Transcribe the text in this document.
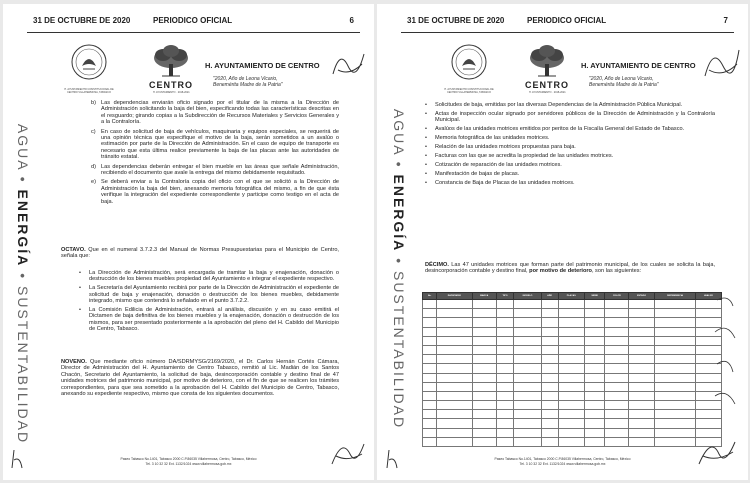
31 DE OCTUBRE DE 2020	PERIODICO OFICIAL	6
H. AYUNTAMIENTO CONSTITUCIONAL DE CENTRO VILLAHERMOSA, TABASCO
CENTRO
H. AYUNTAMIENTO · 2018-2021
H. AYUNTAMIENTO DE CENTRO
"2020, Año de Leona Vicario,
Benemérita Madre de la Patria"
AGUA • ENERGÍA • SUSTENTABILIDAD
b) Las dependencias enviarán oficio signado por el titular de la misma a la Dirección de Administración solicitando la baja del bien, especificando todas las características descritas en el resguardo; girando copias a la Subdirección de Recursos Materiales y Servicios Generales y a la Contraloría.
c) En caso de solicitud de baja de vehículos, maquinaria y equipos especiales, se requerirá de una opinión técnica que especifique el motivo de la baja, serán sometidos a un avalúo o estimación por parte de la Dirección de Administración. En el caso de equipo de transporte es necesario que esta última realice previamente la baja de las placas ante las autoridades de tránsito estatal.
d) Las dependencias deberán entregar el bien mueble en las áreas que señale Administración, recibiendo el documento que avale la entrega del mismo debidamente requisitado.
e) Se deberá enviar a la Contraloría copia del oficio con el que se solicitó a la Dirección de Administración la baja del bien, anexando memoria fotográfica del mismo, a fin de que ésta verifique la integración del expediente correspondiente y participe como testigo en el acta de baja.

OCTAVO. Que en el numeral 3.7.2.3 del Manual de Normas Presupuestarias para el Municipio de Centro, señala que:

•	La Dirección de Administración, será encargada de tramitar la baja y enajenación, donación o destrucción de los bienes muebles propiedad del Ayuntamiento e integrar el expediente respectivo.
•	La Secretaría del Ayuntamiento recibirá por parte de la Dirección de Administración el expediente de solicitud de baja y enajenación, donación o destrucción de los bienes muebles, debidamente integrado, mismo que contendrá lo señalado en el punto 3.7.2.2.
•	La Comisión Edilicia de Administración, entrará al análisis, discusión y en su caso emitirá el Dictamen de baja definitiva de los bienes muebles y la enajenación, donación o destrucción de los mismos, para ser presentado posteriormente a la aprobación del pleno del H. Cabildo del Municipio de Centro, Tabasco.

NOVENO. Que mediante oficio número DA/SDRMYSG/2169/2020, el Dr. Carlos Hernán Cortés Cámara, Director de Administración del H. Ayuntamiento de Centro Tabasco, remitió al Lic. Madián de los Santos Chacón, Secretario del Ayuntamiento, la solicitud de baja, desincorporación contable y destino final de 47 unidades motrices del patrimonio municipal, por motivo de deterioro, con el fin de que se realicen los trámites correspondientes, para que sea sometido a la aprobación del H. Cabildo del Municipio de Centro, Tabasco, anexando su expediente respectivo, mismo que consta de los siguientes documentos.

Paseo Tabasco No.1401, Tabasco 2000 C.P.86035 Villahermosa, Centro, Tabasco, México
Tel. 3 10 32 32 Ext. 1132/1024 www.villahermosa.gob.mx
31 DE OCTUBRE DE 2020	PERIODICO OFICIAL	7
H. AYUNTAMIENTO CONSTITUCIONAL DE CENTRO VILLAHERMOSA, TABASCO
CENTRO
H. AYUNTAMIENTO · 2018-2021
H. AYUNTAMIENTO DE CENTRO
"2020, Año de Leona Vicario,
Benemérita Madre de la Patria"
AGUA • ENERGÍA • SUSTENTABILIDAD
•	Solicitudes de baja, emitidas por las diversas Dependencias de la Administración Pública Municipal.
•	Actas de inspección ocular signado por servidores públicos de la Dirección de Administración y la Contraloría Municipal.
•	Avalúos de las unidades motrices emitidos por peritos de la Fiscalía General del Estado de Tabasco.
•	Memoria fotográfica de las unidades motrices.
•	Relación de las unidades motrices propuestas para baja.
•	Facturas con las que se acredita la propiedad de las unidades motrices.
•	Cotización de reparación de las unidades motrices.
•	Manifestación de bajas de placas.
•	Constancia de Baja de Placas de las unidades motrices.

DÉCIMO. Las 47 unidades motrices que forman parte del patrimonio municipal, de los cuales se solicita la baja, desincorporación contable y destino final, por motivo de deterioro, son las siguientes:

No.	INVENTARIO	MARCA	TIPO	MODELO	AÑO	PLACAS	SERIE	COLOR	ESTADO	DEPENDENCIA	AVALÚO

Paseo Tabasco No.1401, Tabasco 2000 C.P.86035 Villahermosa, Centro, Tabasco, México
Tel. 3 10 32 32 Ext. 1132/1024 www.villahermosa.gob.mx
